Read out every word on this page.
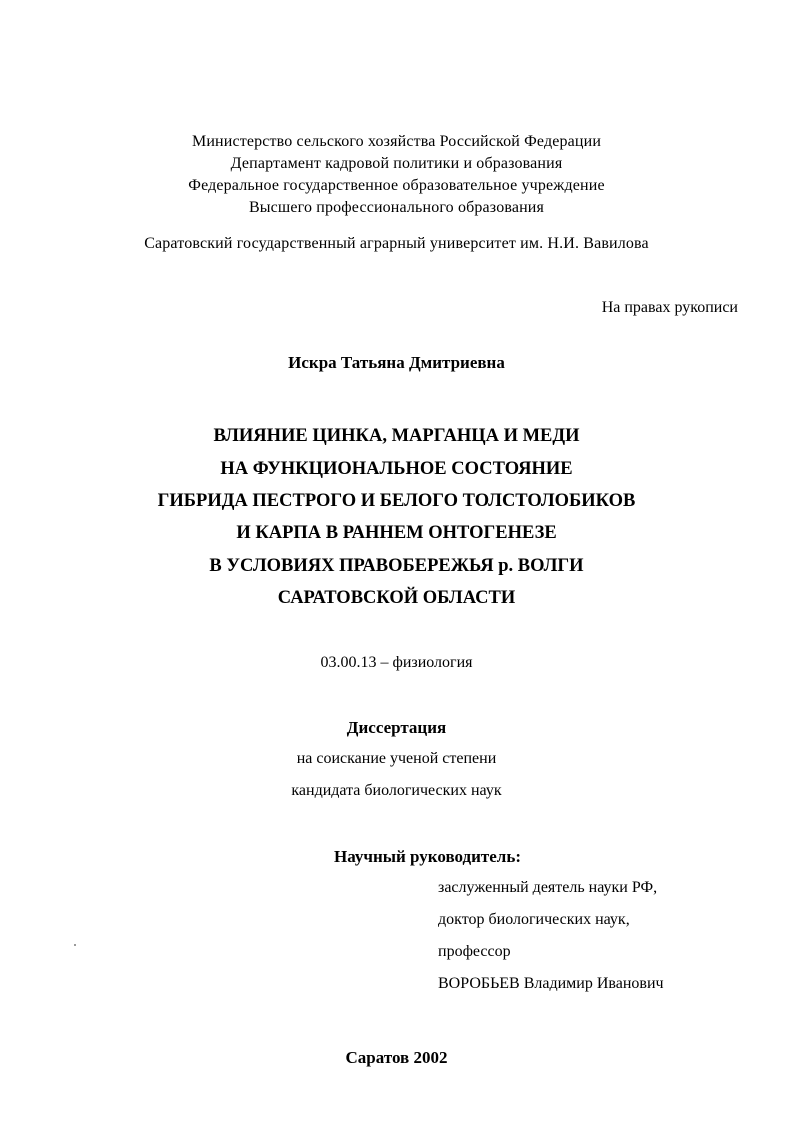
Министерство сельского хозяйства Российской Федерации
Департамент кадровой политики и образования
Федеральное государственное образовательное учреждение
Высшего профессионального образования
Саратовский государственный аграрный университет им. Н.И. Вавилова
На правах рукописи
Искра Татьяна Дмитриевна
ВЛИЯНИЕ ЦИНКА, МАРГАНЦА И МЕДИ
НА ФУНКЦИОНАЛЬНОЕ СОСТОЯНИЕ
ГИБРИДА ПЕСТРОГО И БЕЛОГО ТОЛСТОЛОБИКОВ
И КАРПА В РАННЕМ ОНТОГЕНЕЗЕ
В УСЛОВИЯХ ПРАВОБЕРЕЖЬЯ р. ВОЛГИ
САРАТОВСКОЙ ОБЛАСТИ
03.00.13 – физиология
Диссертация
на соискание ученой степени
кандидата биологических наук
Научный руководитель:
заслуженный деятель науки РФ,
доктор биологических наук,
профессор
ВОРОБЬЕВ Владимир Иванович
Саратов 2002
